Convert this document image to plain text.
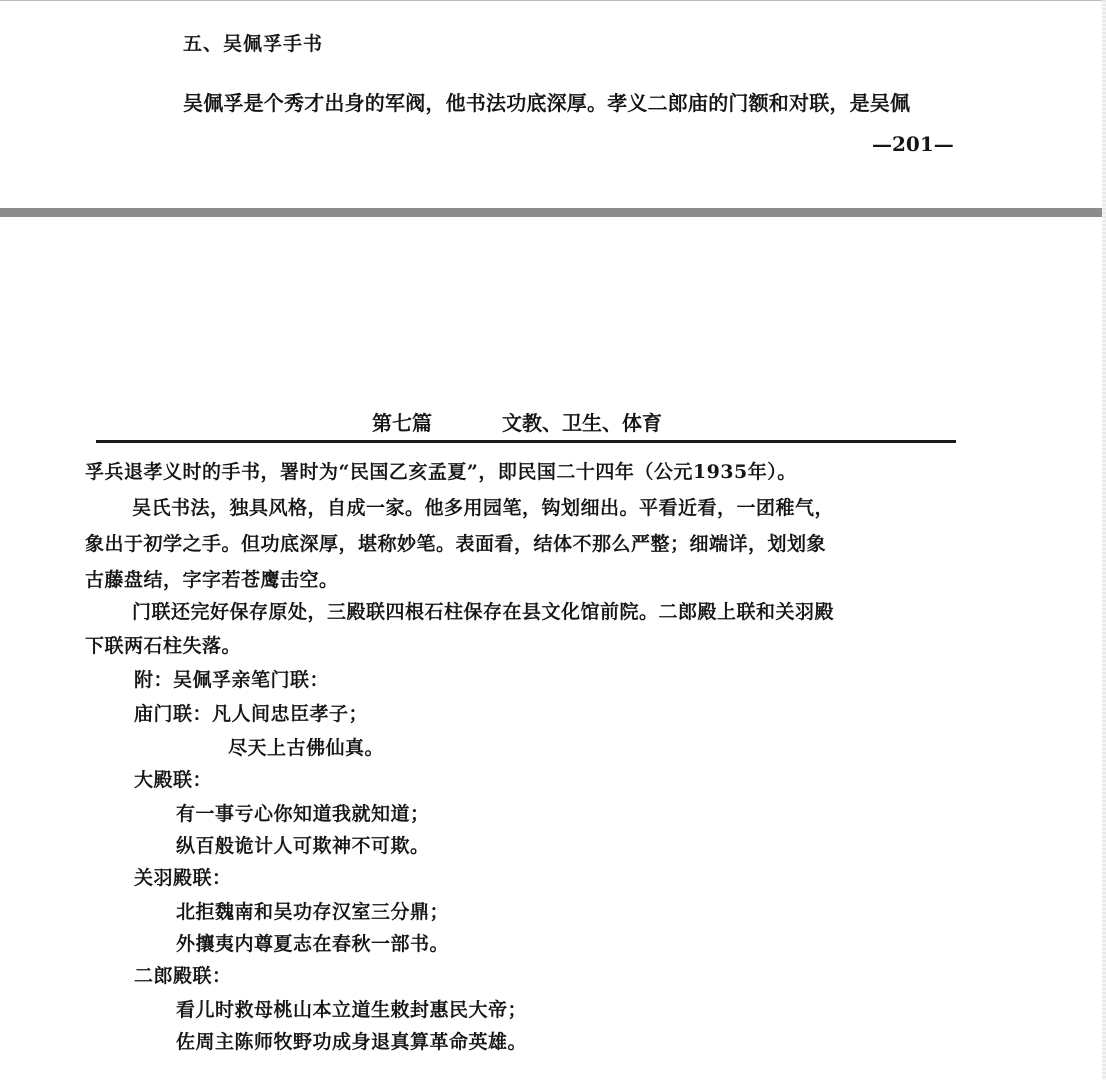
五、吴佩孚手书
吴佩孚是个秀才出身的军阀，他书法功底深厚。孝义二郎庙的门额和对联，是吴佩
—201—
第七篇	文教、卫生、体育
孚兵退孝义时的手书，署时为“民国乙亥孟夏”，即民国二十四年（公元1935年）。
吴氏书法，独具风格，自成一家。他多用园笔，钩划细出。平看近看，一团稚气，
象出于初学之手。但功底深厚，堪称妙笔。表面看，结体不那么严整；细端详，划划象
古藤盘结，字字若苍鹰击空。
门联还完好保存原处，三殿联四根石柱保存在县文化馆前院。二郎殿上联和关羽殿
下联两石柱失落。
附：吴佩孚亲笔门联：
庙门联：凡人间忠臣孝子；
尽天上古佛仙真。
大殿联：
有一事亏心你知道我就知道；
纵百般诡计人可欺神不可欺。
关羽殿联：
北拒魏南和吴功存汉室三分鼎；
外攘夷内尊夏志在春秋一部书。
二郎殿联：
看儿时救母桃山本立道生敕封惠民大帝；
佐周主陈师牧野功成身退真算革命英雄。
